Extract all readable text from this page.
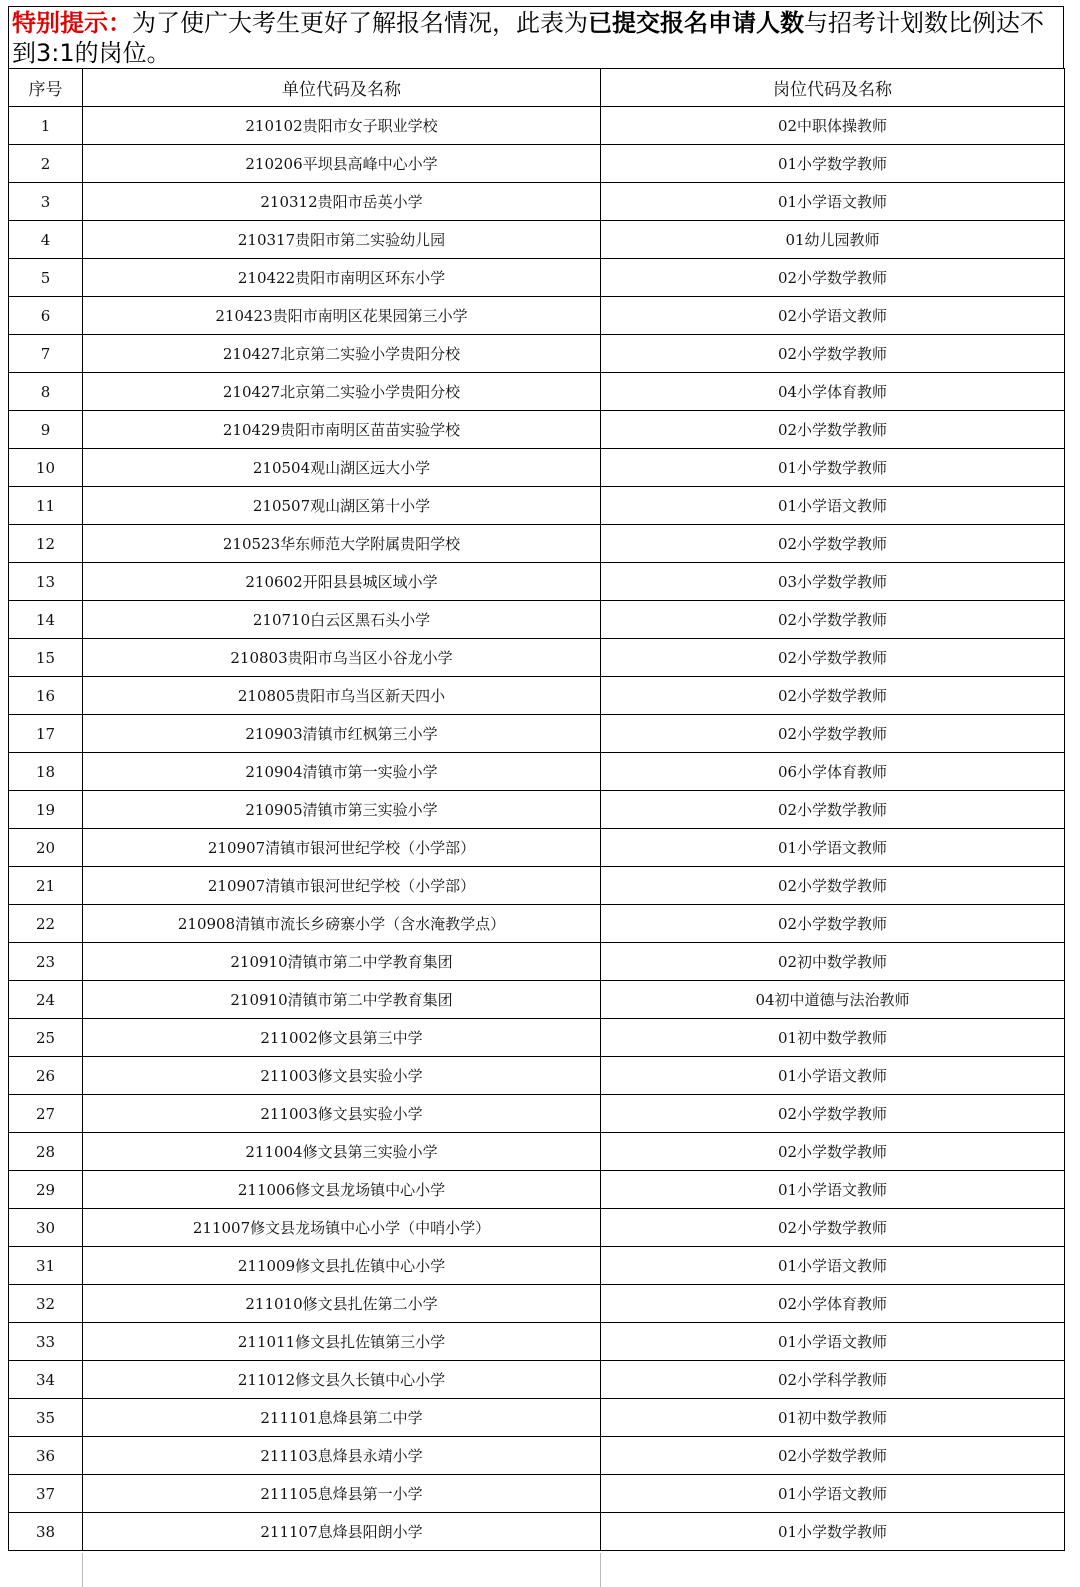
特别提示：为了使广大考生更好了解报名情况，此表为已提交报名申请人数与招考计划数比例达不到3:1的岗位。
序号	单位代码及名称	岗位代码及名称
1	210102贵阳市女子职业学校	02中职体操教师
2	210206平坝县高峰中心小学	01小学数学教师
3	210312贵阳市岳英小学	01小学语文教师
4	210317贵阳市第二实验幼儿园	01幼儿园教师
5	210422贵阳市南明区环东小学	02小学数学教师
6	210423贵阳市南明区花果园第三小学	02小学语文教师
7	210427北京第二实验小学贵阳分校	02小学数学教师
8	210427北京第二实验小学贵阳分校	04小学体育教师
9	210429贵阳市南明区苗苗实验学校	02小学数学教师
10	210504观山湖区远大小学	01小学数学教师
11	210507观山湖区第十小学	01小学语文教师
12	210523华东师范大学附属贵阳学校	02小学数学教师
13	210602开阳县县城区域小学	03小学数学教师
14	210710白云区黑石头小学	02小学数学教师
15	210803贵阳市乌当区小谷龙小学	02小学数学教师
16	210805贵阳市乌当区新天四小	02小学数学教师
17	210903清镇市红枫第三小学	02小学数学教师
18	210904清镇市第一实验小学	06小学体育教师
19	210905清镇市第三实验小学	02小学数学教师
20	210907清镇市银河世纪学校（小学部）	01小学语文教师
21	210907清镇市银河世纪学校（小学部）	02小学数学教师
22	210908清镇市流长乡磅寨小学（含水淹教学点）	02小学数学教师
23	210910清镇市第二中学教育集团	02初中数学教师
24	210910清镇市第二中学教育集团	04初中道德与法治教师
25	211002修文县第三中学	01初中数学教师
26	211003修文县实验小学	01小学语文教师
27	211003修文县实验小学	02小学数学教师
28	211004修文县第三实验小学	02小学数学教师
29	211006修文县龙场镇中心小学	01小学语文教师
30	211007修文县龙场镇中心小学（中哨小学）	02小学数学教师
31	211009修文县扎佐镇中心小学	01小学语文教师
32	211010修文县扎佐第二小学	02小学体育教师
33	211011修文县扎佐镇第三小学	01小学语文教师
34	211012修文县久长镇中心小学	02小学科学教师
35	211101息烽县第二中学	01初中数学教师
36	211103息烽县永靖小学	02小学数学教师
37	211105息烽县第一小学	01小学语文教师
38	211107息烽县阳朗小学	01小学数学教师
